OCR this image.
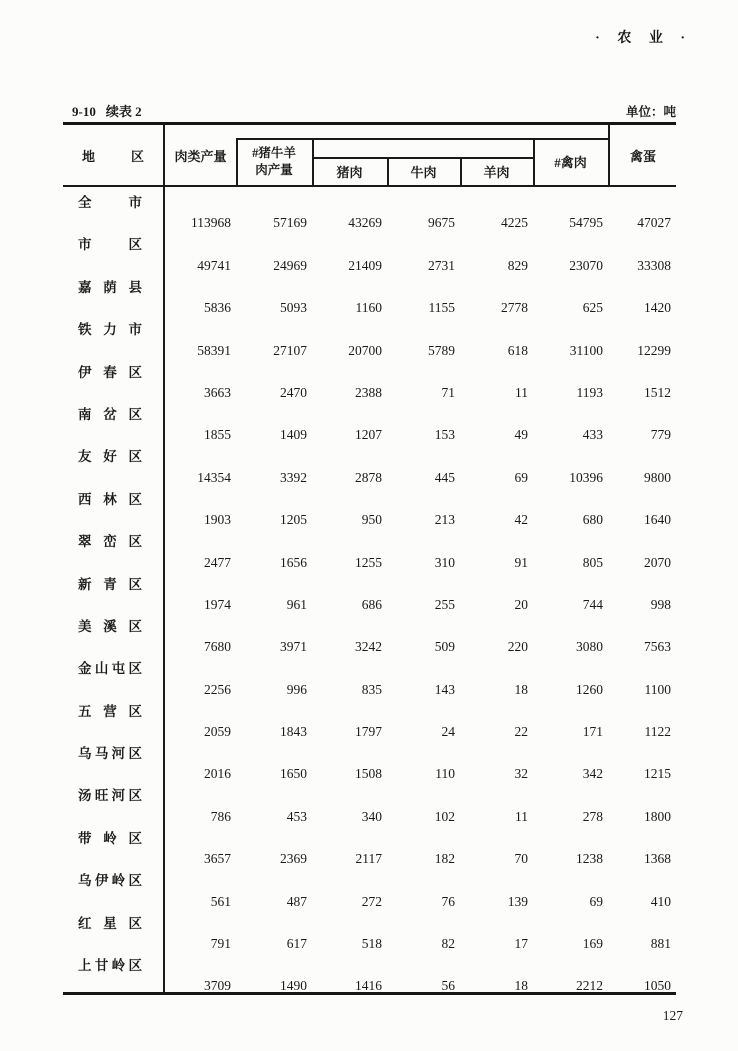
· 农 业 ·
9-10 续表 2	单位：吨
地区	肉类产量	#猪牛羊
肉产量	猪肉	牛肉	羊肉
#禽肉	禽蛋
全市
113968	57169	43269	9675	4225	54795	47027
市区
49741	24969	21409	2731	829	23070	33308
嘉荫县
5836	5093	1160	1155	2778	625	1420
铁力市
58391	27107	20700	5789	618	31100	12299
伊春区
3663	2470	2388	71	11	1193	1512
南岔区
1855	1409	1207	153	49	433	779
友好区
14354	3392	2878	445	69	10396	9800
西林区
1903	1205	950	213	42	680	1640
翠峦区
2477	1656	1255	310	91	805	2070
新青区
1974	961	686	255	20	744	998
美溪区
7680	3971	3242	509	220	3080	7563
金山屯区
2256	996	835	143	18	1260	1100
五营区
2059	1843	1797	24	22	171	1122
乌马河区
2016	1650	1508	110	32	342	1215
汤旺河区
786	453	340	102	11	278	1800
带岭区
3657	2369	2117	182	70	1238	1368
乌伊岭区
561	487	272	76	139	69	410
红星区
791	617	518	82	17	169	881
上甘岭区
3709	1490	1416	56	18	2212	1050
127
